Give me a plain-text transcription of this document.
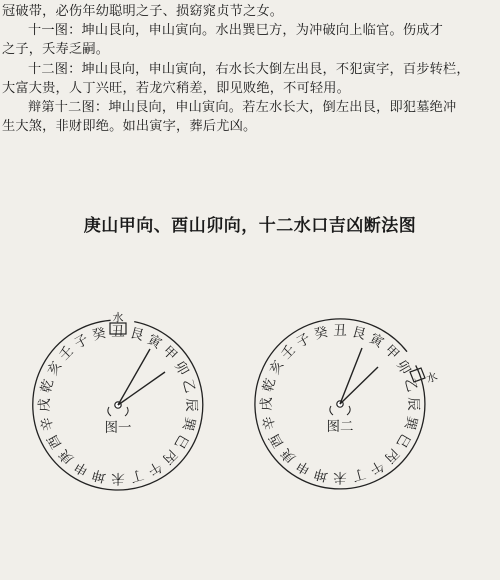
冠破带，必伤年幼聪明之子、损窈窕贞节之女。
十一图：坤山艮向，申山寅向。水出巽巳方，为冲破向上临官。伤成才
之子，夭寿乏嗣。
十二图：坤山艮向，申山寅向，右水长大倒左出艮，不犯寅字，百步转栏，
大富大贵，人丁兴旺，若龙穴稍差，即见败绝，不可轻用。
辩第十二图：坤山艮向，申山寅向。若左水长大，倒左出艮，即犯墓绝冲
生大煞，非财即绝。如出寅字，葬后尤凶。
庚山甲向、酉山卯向，十二水口吉凶断法图
子 癸 丑 艮 寅
甲
卯
乙
辰
巽
巳
丙
午
丁
未
坤
申
庚
酉
辛
戌
乾
亥
壬
图一
水
子 癸 丑 艮 寅
甲
卯
乙
辰
巽
巳
丙
午
丁
未
坤
申
庚
酉
辛
戌
乾
亥
壬
图二
水
